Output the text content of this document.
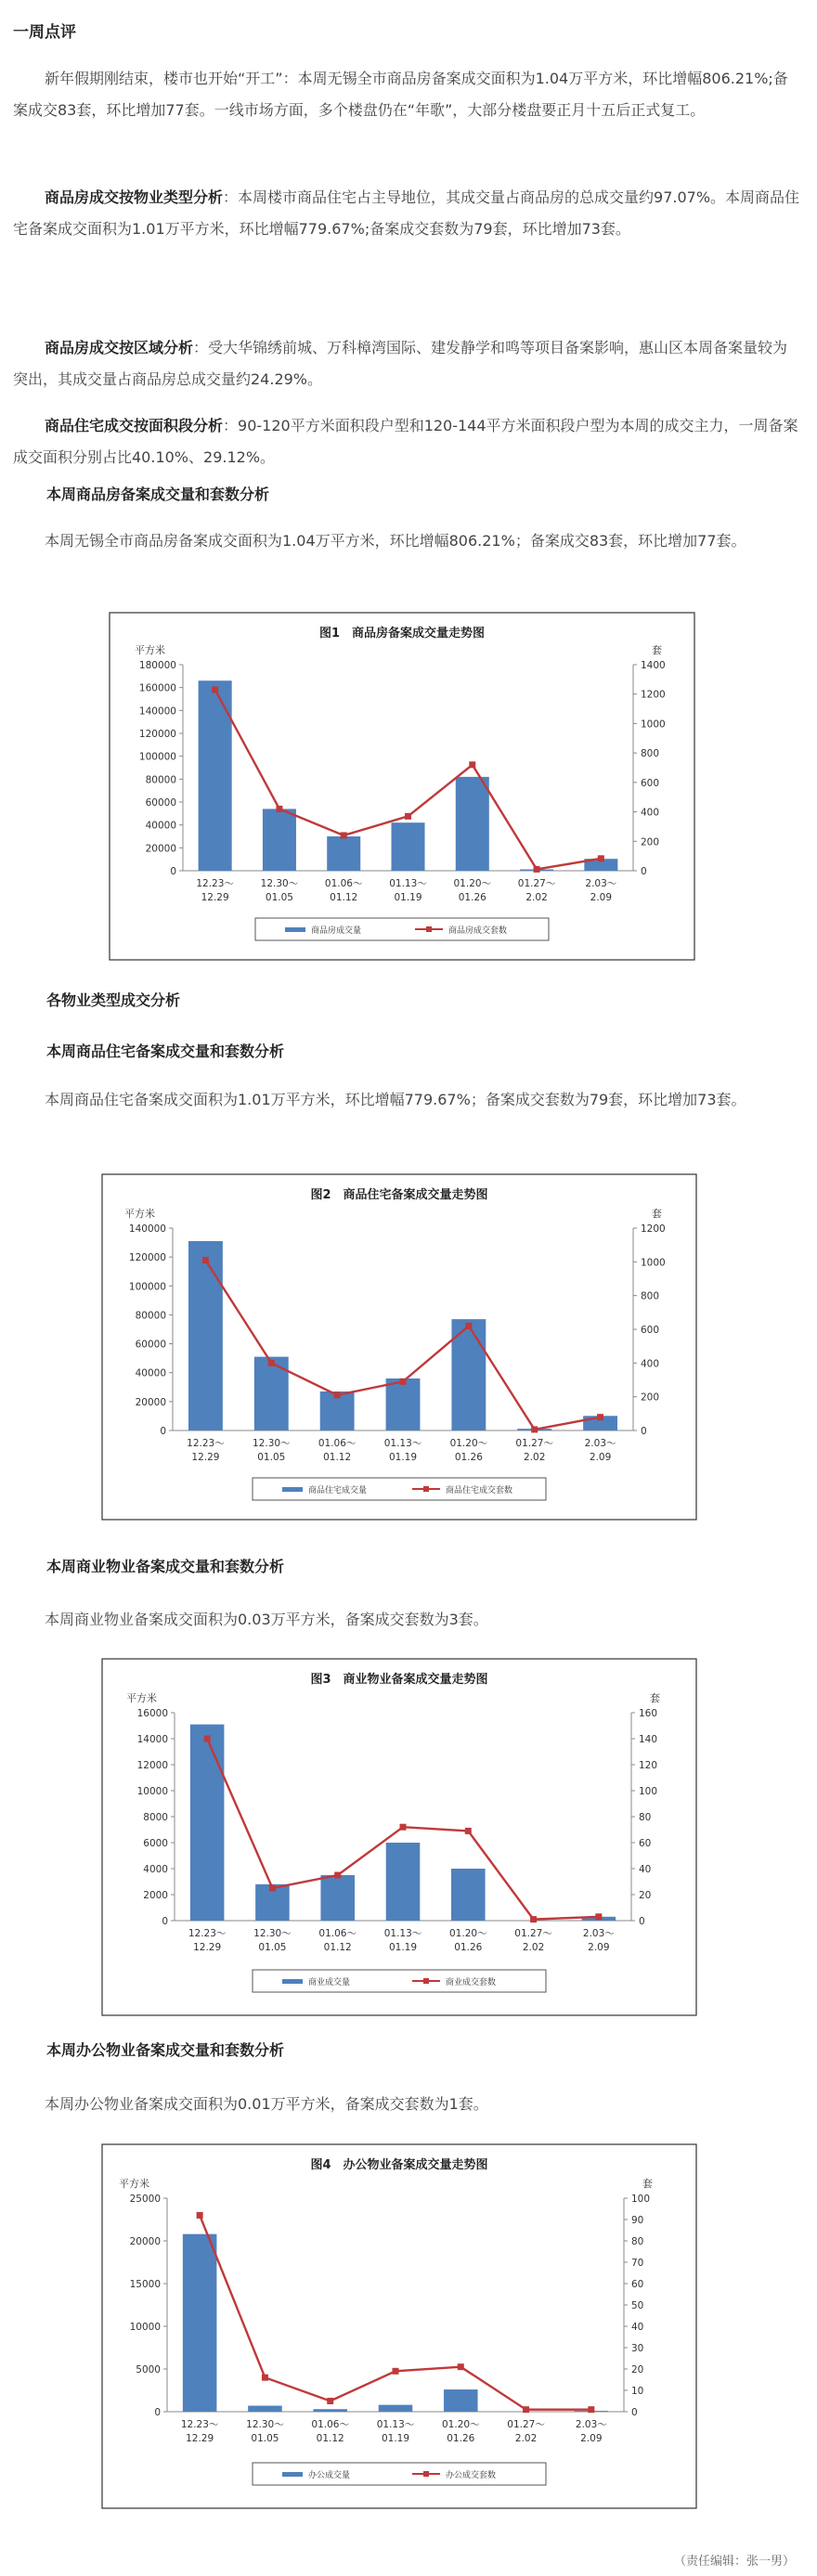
一周点评
新年假期刚结束，楼市也开始“开工”：本周无锡全市商品房备案成交面积为1.04万平方米，环比增幅806.21%;备案成交83套，环比增加77套。一线市场方面，多个楼盘仍在“年歌”，大部分楼盘要正月十五后正式复工。
商品房成交按物业类型分析：本周楼市商品住宅占主导地位，其成交量占商品房的总成交量约97.07%。本周商品住宅备案成交面积为1.01万平方米，环比增幅779.67%;备案成交套数为79套，环比增加73套。
商品房成交按区域分析：受大华锦绣前城、万科樟湾国际、建发静学和鸣等项目备案影响，惠山区本周备案量较为突出，其成交量占商品房总成交量约24.29%。
商品住宅成交按面积段分析：90-120平方米面积段户型和120-144平方米面积段户型为本周的成交主力，一周备案成交面积分别占比40.10%、29.12%。
本周商品房备案成交量和套数分析
本周无锡全市商品房备案成交面积为1.04万平方米，环比增幅806.21%；备案成交83套，环比增加77套。
图1　商品房备案成交量走势图
平方米	套
0
20000
40000
60000
80000
100000
120000
140000
160000
180000
0
200
400
600
800
1000
1200
1400
12.23～
12.29
12.30～
01.05
01.06～
01.12
01.13～
01.19
01.20～
01.26
01.27～
2.02
2.03～
2.09
商品房成交量	商品房成交套数
各物业类型成交分析
本周商品住宅备案成交量和套数分析
本周商品住宅备案成交面积为1.01万平方米，环比增幅779.67%；备案成交套数为79套，环比增加73套。
图2　商品住宅备案成交量走势图
平方米	套
0
20000
40000
60000
80000
100000
120000
140000
0
200
400
600
800
1000
1200
12.23～
12.29
12.30～
01.05
01.06～
01.12
01.13～
01.19
01.20～
01.26
01.27～
2.02
2.03～
2.09
商品住宅成交量	商品住宅成交套数
本周商业物业备案成交量和套数分析
本周商业物业备案成交面积为0.03万平方米，备案成交套数为3套。
图3　商业物业备案成交量走势图
平方米	套
0
2000
4000
6000
8000
10000
12000
14000
16000
0
20
40
60
80
100
120
140
160
12.23～
12.29
12.30～
01.05
01.06～
01.12
01.13～
01.19
01.20～
01.26
01.27～
2.02
2.03～
2.09
商业成交量	商业成交套数
本周办公物业备案成交量和套数分析
本周办公物业备案成交面积为0.01万平方米，备案成交套数为1套。
图4　办公物业备案成交量走势图
平方米	套
0
5000
10000
15000
20000
25000
0
10
20
30
40
50
60
70
80
90
100
12.23～
12.29
12.30～
01.05
01.06～
01.12
01.13～
01.19
01.20～
01.26
01.27～
2.02
2.03～
2.09
办公成交量	办公成交套数
（责任编辑：张一男）
